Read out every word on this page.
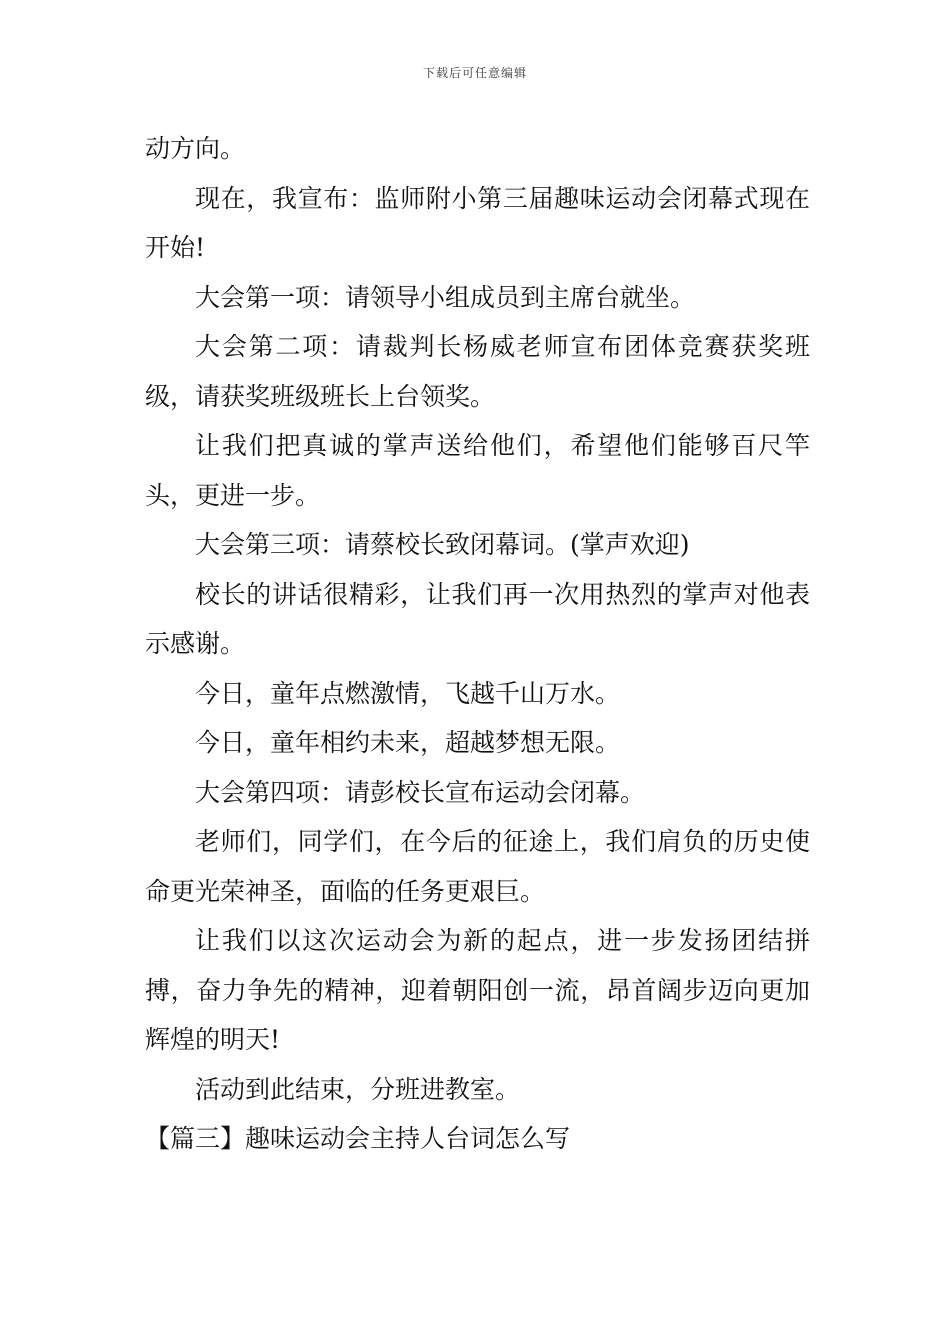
下载后可任意编辑

动方向。

现在，我宣布：监师附小第三届趣味运动会闭幕式现在开始!

大会第一项：请领导小组成员到主席台就坐。

大会第二项：请裁判长杨威老师宣布团体竞赛获奖班级，请获奖班级班长上台领奖。

让我们把真诚的掌声送给他们，希望他们能够百尺竿头，更进一步。

大会第三项：请蔡校长致闭幕词。(掌声欢迎)

校长的讲话很精彩，让我们再一次用热烈的掌声对他表示感谢。

今日，童年点燃激情，飞越千山万水。

今日，童年相约未来，超越梦想无限。

大会第四项：请彭校长宣布运动会闭幕。

老师们，同学们，在今后的征途上，我们肩负的历史使命更光荣神圣，面临的任务更艰巨。

让我们以这次运动会为新的起点，进一步发扬团结拼搏，奋力争先的精神，迎着朝阳创一流，昂首阔步迈向更加辉煌的明天!

活动到此结束，分班进教室。

【篇三】趣味运动会主持人台词怎么写
